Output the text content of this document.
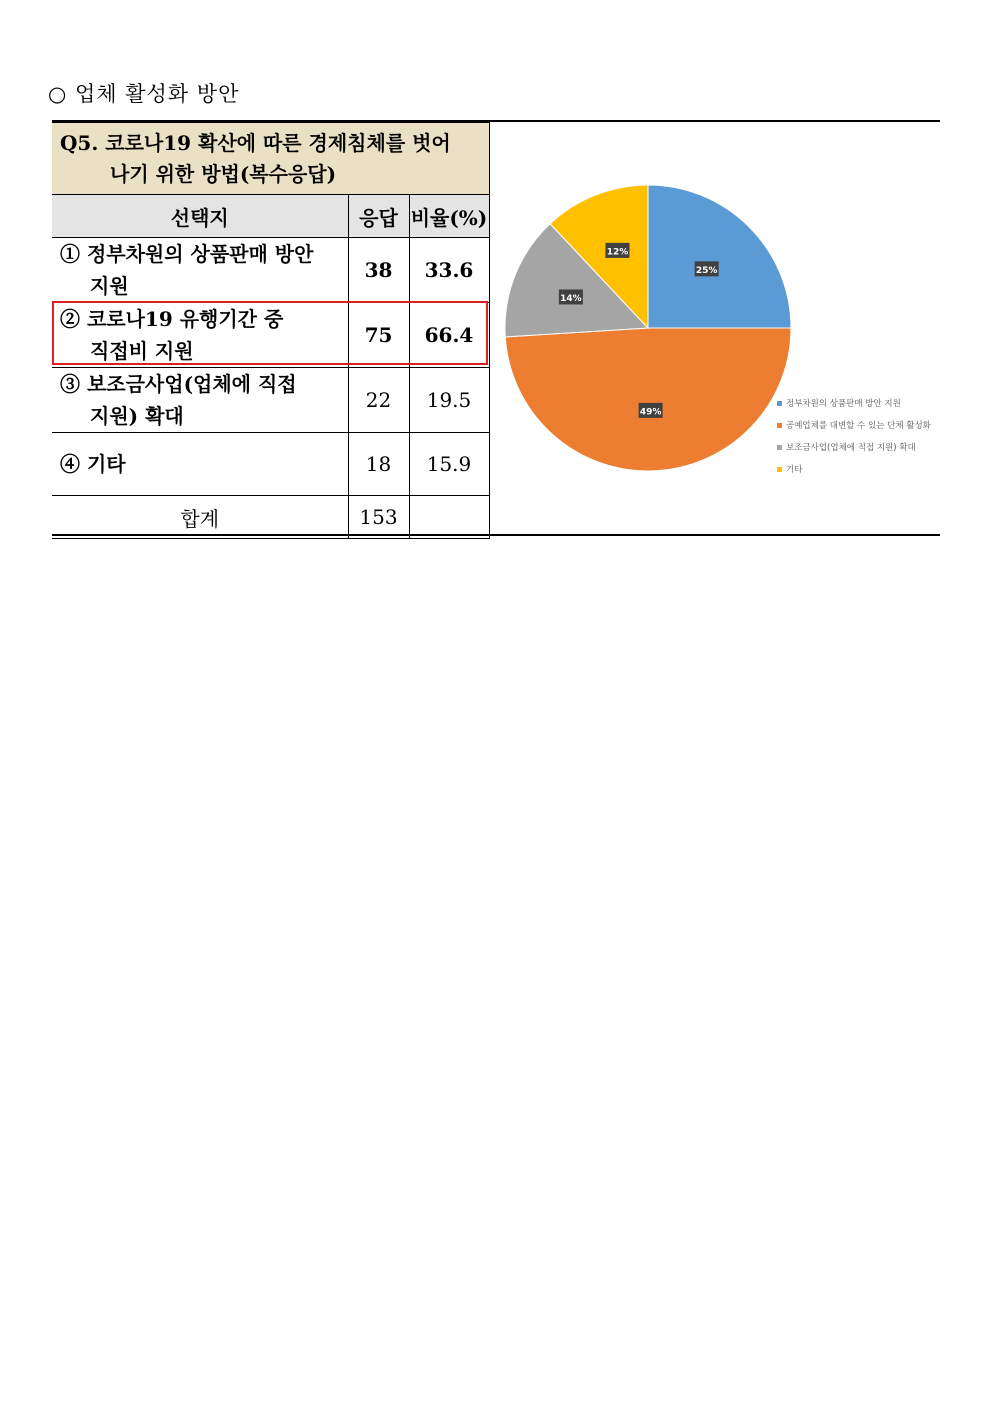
○ 업체 활성화 방안
Q5. 코로나19 확산에 따른 경제침체를 벗어
나기 위한 방법(복수응답)		

선택지	응답	비율(%)
① 정부차원의 상품판매 방안
지원	38	33.6
② 코로나19 유행기간 중
직접비 지원	75	66.4
③ 보조금사업(업체에 직접
지원) 확대	22	19.5
④ 기타	18	15.9
합계	153	
25%
49%
14%
12%
정부차원의 상품판매 방안 지원
공예업체를 대변할 수 있는 단체 활성화
보조금사업(업체에 직접 지원) 확대
기타
